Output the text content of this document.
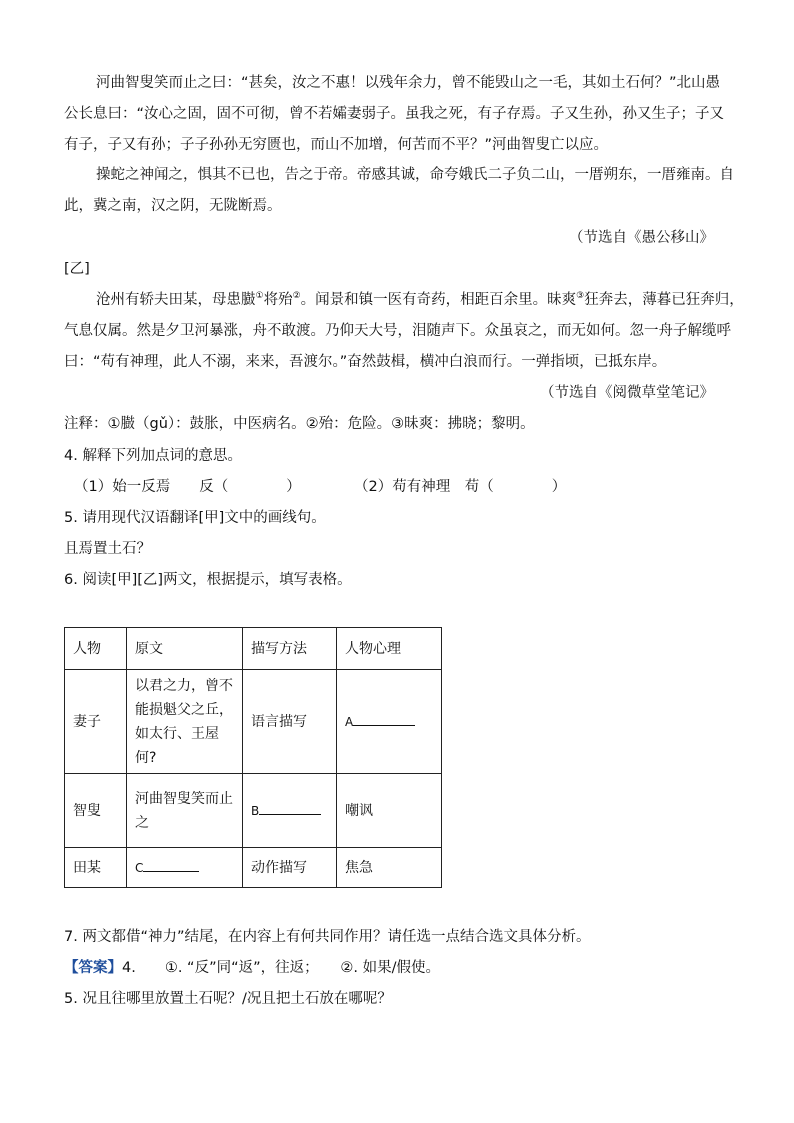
河曲智叟笑而止之曰：“甚矣，汝之不惠！以残年余力，曾不能毁山之一毛，其如土石何？”北山愚
公长息曰：“汝心之固，固不可彻，曾不若孀妻弱子。虽我之死，有子存焉。子又生孙，孙又生子；子又
有子，子又有孙；子子孙孙无穷匮也，而山不加增，何苦而不平？”河曲智叟亡以应。
操蛇之神闻之，惧其不已也，告之于帝。帝感其诚，命夸娥氏二子负二山，一厝朔东，一厝雍南。自
此，冀之南，汉之阴，无陇断焉。
（节选自《愚公移山》
[乙]
沧州有轿夫田某，母患臌①将殆②。闻景和镇一医有奇药，相距百余里。昧爽③狂奔去，薄暮已狂奔归，
气息仅属。然是夕卫河暴涨，舟不敢渡。乃仰天大号，泪随声下。众虽哀之，而无如何。忽一舟子解缆呼
曰：“苟有神理，此人不溺，来来，吾渡尔。”奋然鼓楫，横冲白浪而行。一弹指顷，已抵东岸。
（节选自《阅微草堂笔记》
注释：①臌（gǔ）：鼓胀，中医病名。②殆：危险。③昧爽：拂晓；黎明。
4. 解释下列加点词的意思。
（1）始一反焉　　反（　　　　）	（2）苟有神理　苟（　　　　）
5. 请用现代汉语翻译[甲]文中的画线句。
且焉置土石？
6. 阅读[甲][乙]两文，根据提示，填写表格。
人物	原文	描写方法	人物心理
妻子	以君之力，曾不能损魁父之丘，如太行、王屋何?	语言描写	A
智叟	河曲智叟笑而止之	B	嘲讽
田某	C	动作描写	焦急
7. 两文都借“神力”结尾，在内容上有何共同作用？请任选一点结合选文具体分析。
【答案】4.　　①. “反”同“返”，往返；　　②. 如果/假使。
5. 况且往哪里放置土石呢？/况且把土石放在哪呢？
